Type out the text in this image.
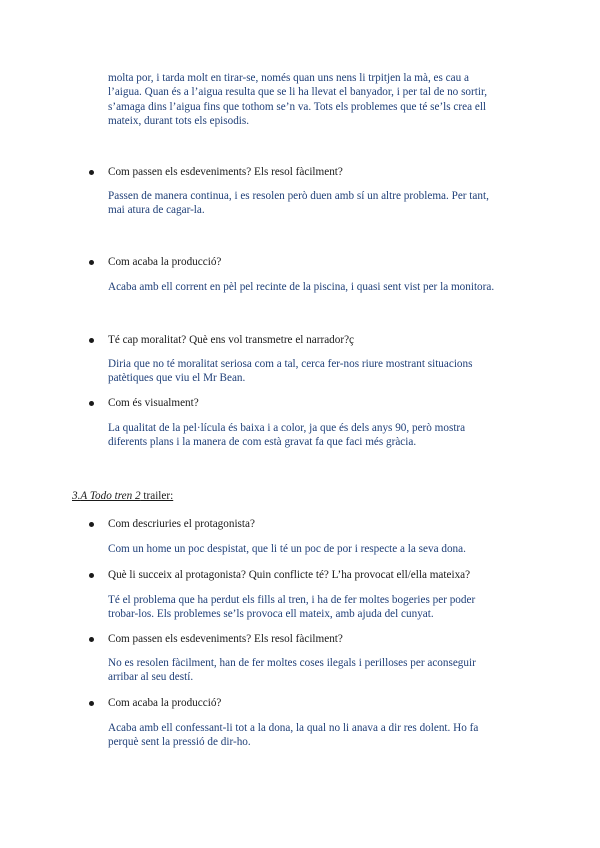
molta por, i tarda molt en tirar-se, només quan uns nens li trpitjen la mà, es cau a
l’aigua. Quan és a l’aigua resulta que se li ha llevat el banyador, i per tal de no sortir,
s’amaga dins l’aigua fins que tothom se’n va. Tots els problemes que té se’ls crea ell
mateix, durant tots els episodis.
Com passen els esdeveniments? Els resol fàcilment?
Passen de manera continua, i es resolen però duen amb sí un altre problema. Per tant,
mai atura de cagar-la.
Com acaba la producció?
Acaba amb ell corrent en pèl pel recinte de la piscina, i quasi sent vist per la monitora.
Té cap moralitat? Què ens vol transmetre el narrador?ç
Diria que no té moralitat seriosa com a tal, cerca fer-nos riure mostrant situacions
patètiques que viu el Mr Bean.
Com és visualment?
La qualitat de la pel·lícula és baixa i a color, ja que és dels anys 90, però mostra
diferents plans i la manera de com està gravat fa que faci més gràcia.
3.A Todo tren 2 trailer:
Com descriuries el protagonista?
Com un home un poc despistat, que li té un poc de por i respecte a la seva dona.
Què li succeix al protagonista? Quin conflicte té? L’ha provocat ell/ella mateixa?
Té el problema que ha perdut els fills al tren, i ha de fer moltes bogeries per poder
trobar-los. Els problemes se’ls provoca ell mateix, amb ajuda del cunyat.
Com passen els esdeveniments? Els resol fàcilment?
No es resolen fàcilment, han de fer moltes coses ilegals i perilloses per aconseguir
arribar al seu destí.
Com acaba la producció?
Acaba amb ell confessant-li tot a la dona, la qual no li anava a dir res dolent. Ho fa
perquè sent la pressió de dir-ho.
